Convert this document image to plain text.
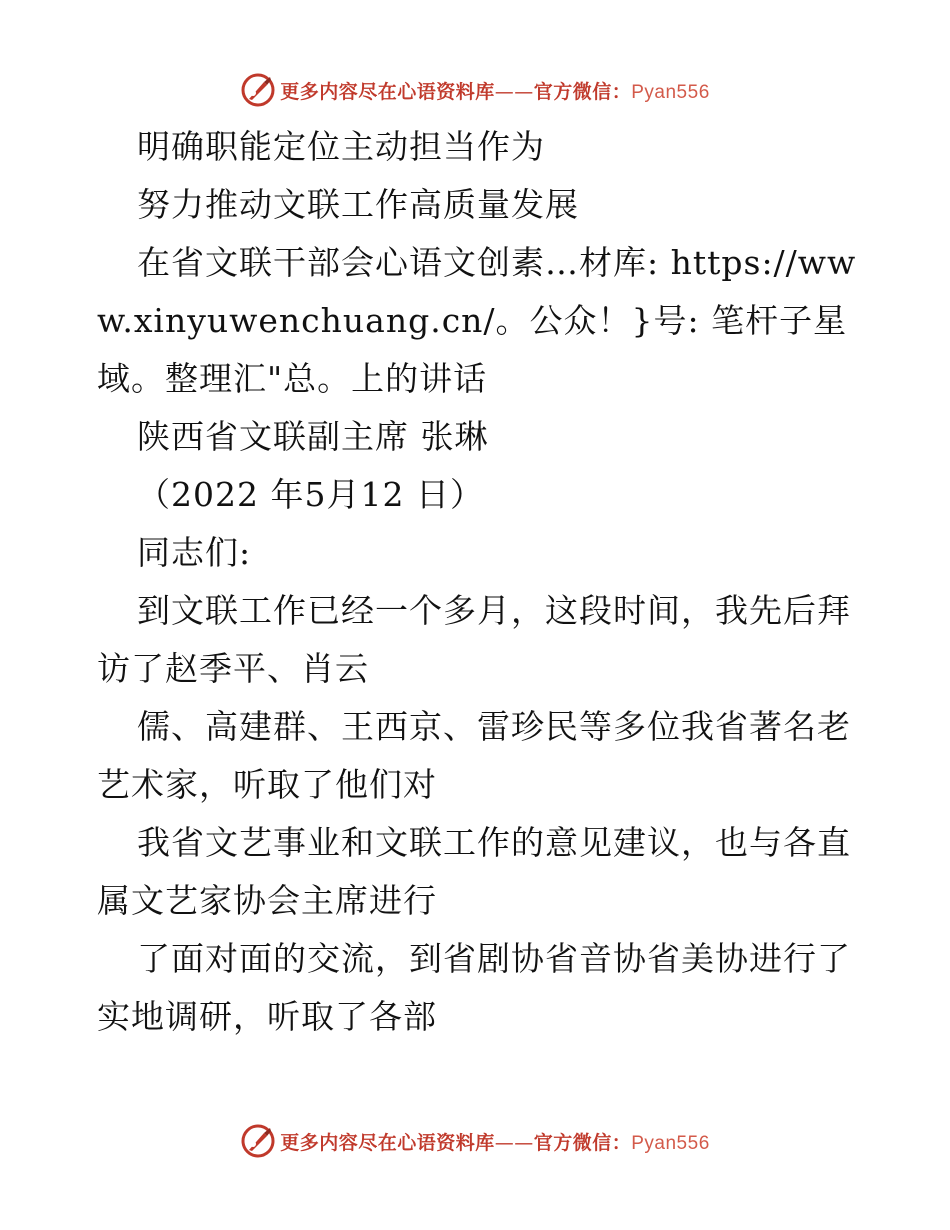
更多内容尽在心语资料库——官方微信：Pyan556

明确职能定位主动担当作为

努力推动文联工作高质量发展

在省文联干部会心语文创素…材库: https://www.xinyuwenchuang.cn/。公众！}号: 笔杆子星域。整理汇"总。上的讲话

陕西省文联副主席 张琳

（2022 年5月12 日）

同志们:

到文联工作已经一个多月，这段时间，我先后拜访了赵季平、肖云

儒、高建群、王西京、雷珍民等多位我省著名老艺术家，听取了他们对

我省文艺事业和文联工作的意见建议，也与各直属文艺家协会主席进行

了面对面的交流，到省剧协省音协省美协进行了实地调研，听取了各部

更多内容尽在心语资料库——官方微信：Pyan556
